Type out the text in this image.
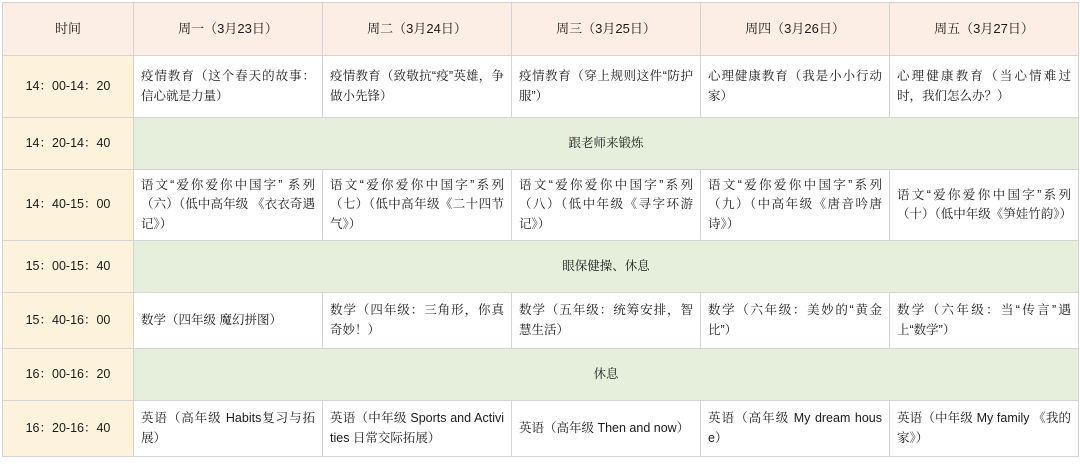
时间	周一（3月23日）	周二（3月24日）	周三（3月25日）	周四（3月26日）	周五（3月27日）
14：00-14：20	疫情教育（这个春天的故事：信心就是力量）	疫情教育（致敬抗“疫”英雄，争做小先锋）	疫情教育（穿上规则这件“防护服”）	心理健康教育（我是小小行动家）	心理健康教育（当心情难过时，我们怎么办？）
14：20-14：40	跟老师来锻炼				
14：40-15：00	语文“爱你爱你中国字” 系列（六）（低中高年级 《衣衣奇遇记》）	语文“爱你爱你中国字”系列（七）（低中高年级《二十四节气》）	语文“爱你爱你中国字”系列（八）（低中年级《寻字环游记》）	语文“爱你爱你中国字”系列（九）（中高年级《唐音吟唐诗》）	语文“爱你爱你中国字”系列（十）（低中年级《笋娃竹韵》）
15：00-15：40	眼保健操、休息				
15：40-16：00	数学（四年级 魔幻拼图）	数学（四年级：三角形，你真奇妙！）	数学（五年级：统筹安排，智慧生活）	数学（六年级：美妙的“黄金比”）	数学（六年级：当“传言”遇上“数学”）
16：00-16：20	休息				
16：20-16：40	英语（高年级 Habits复习与拓展）	英语（中年级 Sports and Activities 日常交际拓展）	英语（高年级 Then and now）	英语（高年级 My dream house）	英语（中年级 My family 《我的家》）
